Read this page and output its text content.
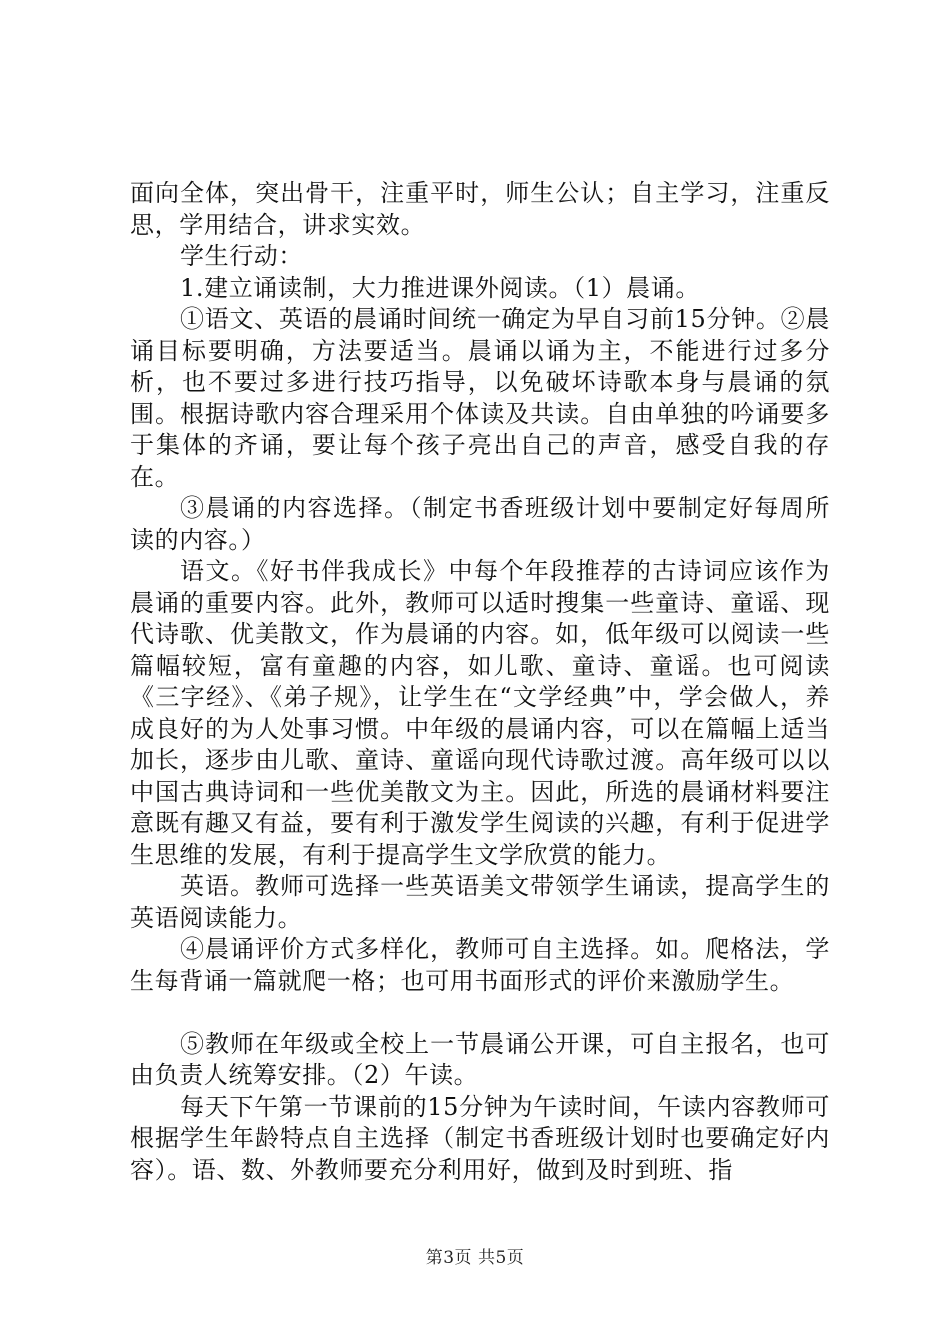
面向全体，突出骨干，注重平时，师生公认；自主学习，注重反思，学用结合，讲求实效。

学生行动：

1.建立诵读制，大力推进课外阅读。（1）晨诵。

①语文、英语的晨诵时间统一确定为早自习前15分钟。②晨诵目标要明确，方法要适当。晨诵以诵为主，不能进行过多分析，也不要过多进行技巧指导，以免破坏诗歌本身与晨诵的氛围。根据诗歌内容合理采用个体读及共读。自由单独的吟诵要多于集体的齐诵，要让每个孩子亮出自己的声音，感受自我的存在。

③晨诵的内容选择。（制定书香班级计划中要制定好每周所读的内容。）

语文。《好书伴我成长》中每个年段推荐的古诗词应该作为晨诵的重要内容。此外，教师可以适时搜集一些童诗、童谣、现代诗歌、优美散文，作为晨诵的内容。如，低年级可以阅读一些篇幅较短，富有童趣的内容，如儿歌、童诗、童谣。也可阅读《三字经》、《弟子规》，让学生在“文学经典”中，学会做人，养成良好的为人处事习惯。中年级的晨诵内容，可以在篇幅上适当加长，逐步由儿歌、童诗、童谣向现代诗歌过渡。高年级可以以中国古典诗词和一些优美散文为主。因此，所选的晨诵材料要注意既有趣又有益，要有利于激发学生阅读的兴趣，有利于促进学生思维的发展，有利于提高学生文学欣赏的能力。

英语。教师可选择一些英语美文带领学生诵读，提高学生的英语阅读能力。

④晨诵评价方式多样化，教师可自主选择。如。爬格法，学生每背诵一篇就爬一格；也可用书面形式的评价来激励学生。

⑤教师在年级或全校上一节晨诵公开课，可自主报名，也可由负责人统筹安排。（2）午读。

每天下午第一节课前的15分钟为午读时间，午读内容教师可根据学生年龄特点自主选择（制定书香班级计划时也要确定好内容）。语、数、外教师要充分利用好，做到及时到班、指

第3页 共5页
